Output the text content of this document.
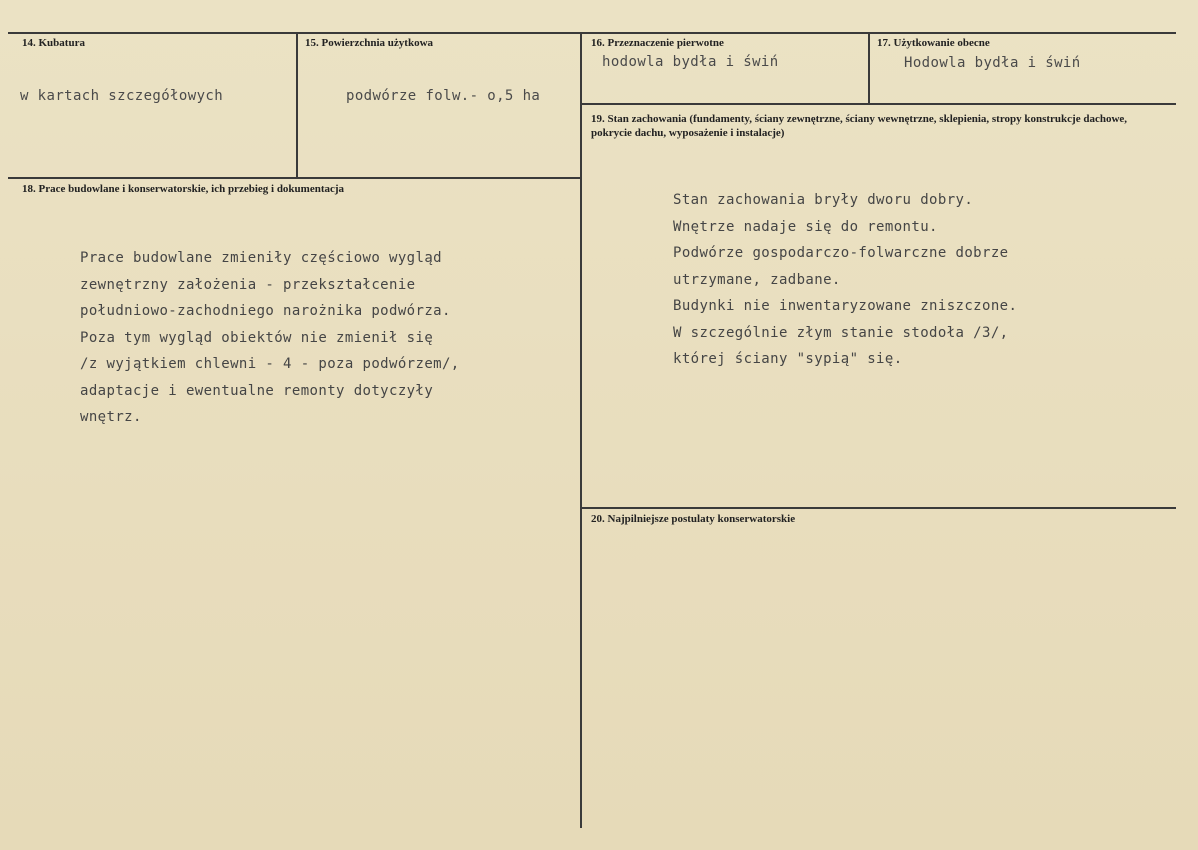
14. Kubatura
w kartach szczegółowych
15. Powierzchnia użytkowa
podwórze folw.- o,5 ha
16. Przeznaczenie pierwotne
hodowla bydła i świń
17. Użytkowanie obecne
Hodowla bydła i świń
18. Prace budowlane i konserwatorskie, ich przebieg i dokumentacja
Prace budowlane zmieniły częściowo wygląd
zewnętrzny założenia - przekształcenie
południowo-zachodniego narożnika podwórza.
Poza tym wygląd obiektów nie zmienił się
/z wyjątkiem chlewni - 4 - poza podwórzem/,
adaptacje i ewentualne remonty dotyczyły
wnętrz.
19. Stan zachowania (fundamenty, ściany zewnętrzne, ściany wewnętrzne, sklepienia, stropy konstrukcje dachowe, pokrycie dachu, wyposażenie i instalacje)
Stan zachowania bryły dworu dobry.
Wnętrze nadaje się do remontu.
Podwórze gospodarczo-folwarczne dobrze
utrzymane, zadbane.
Budynki nie inwentaryzowane zniszczone.
W szczególnie złym stanie stodoła /3/,
której ściany "sypią" się.
20. Najpilniejsze postulaty konserwatorskie
